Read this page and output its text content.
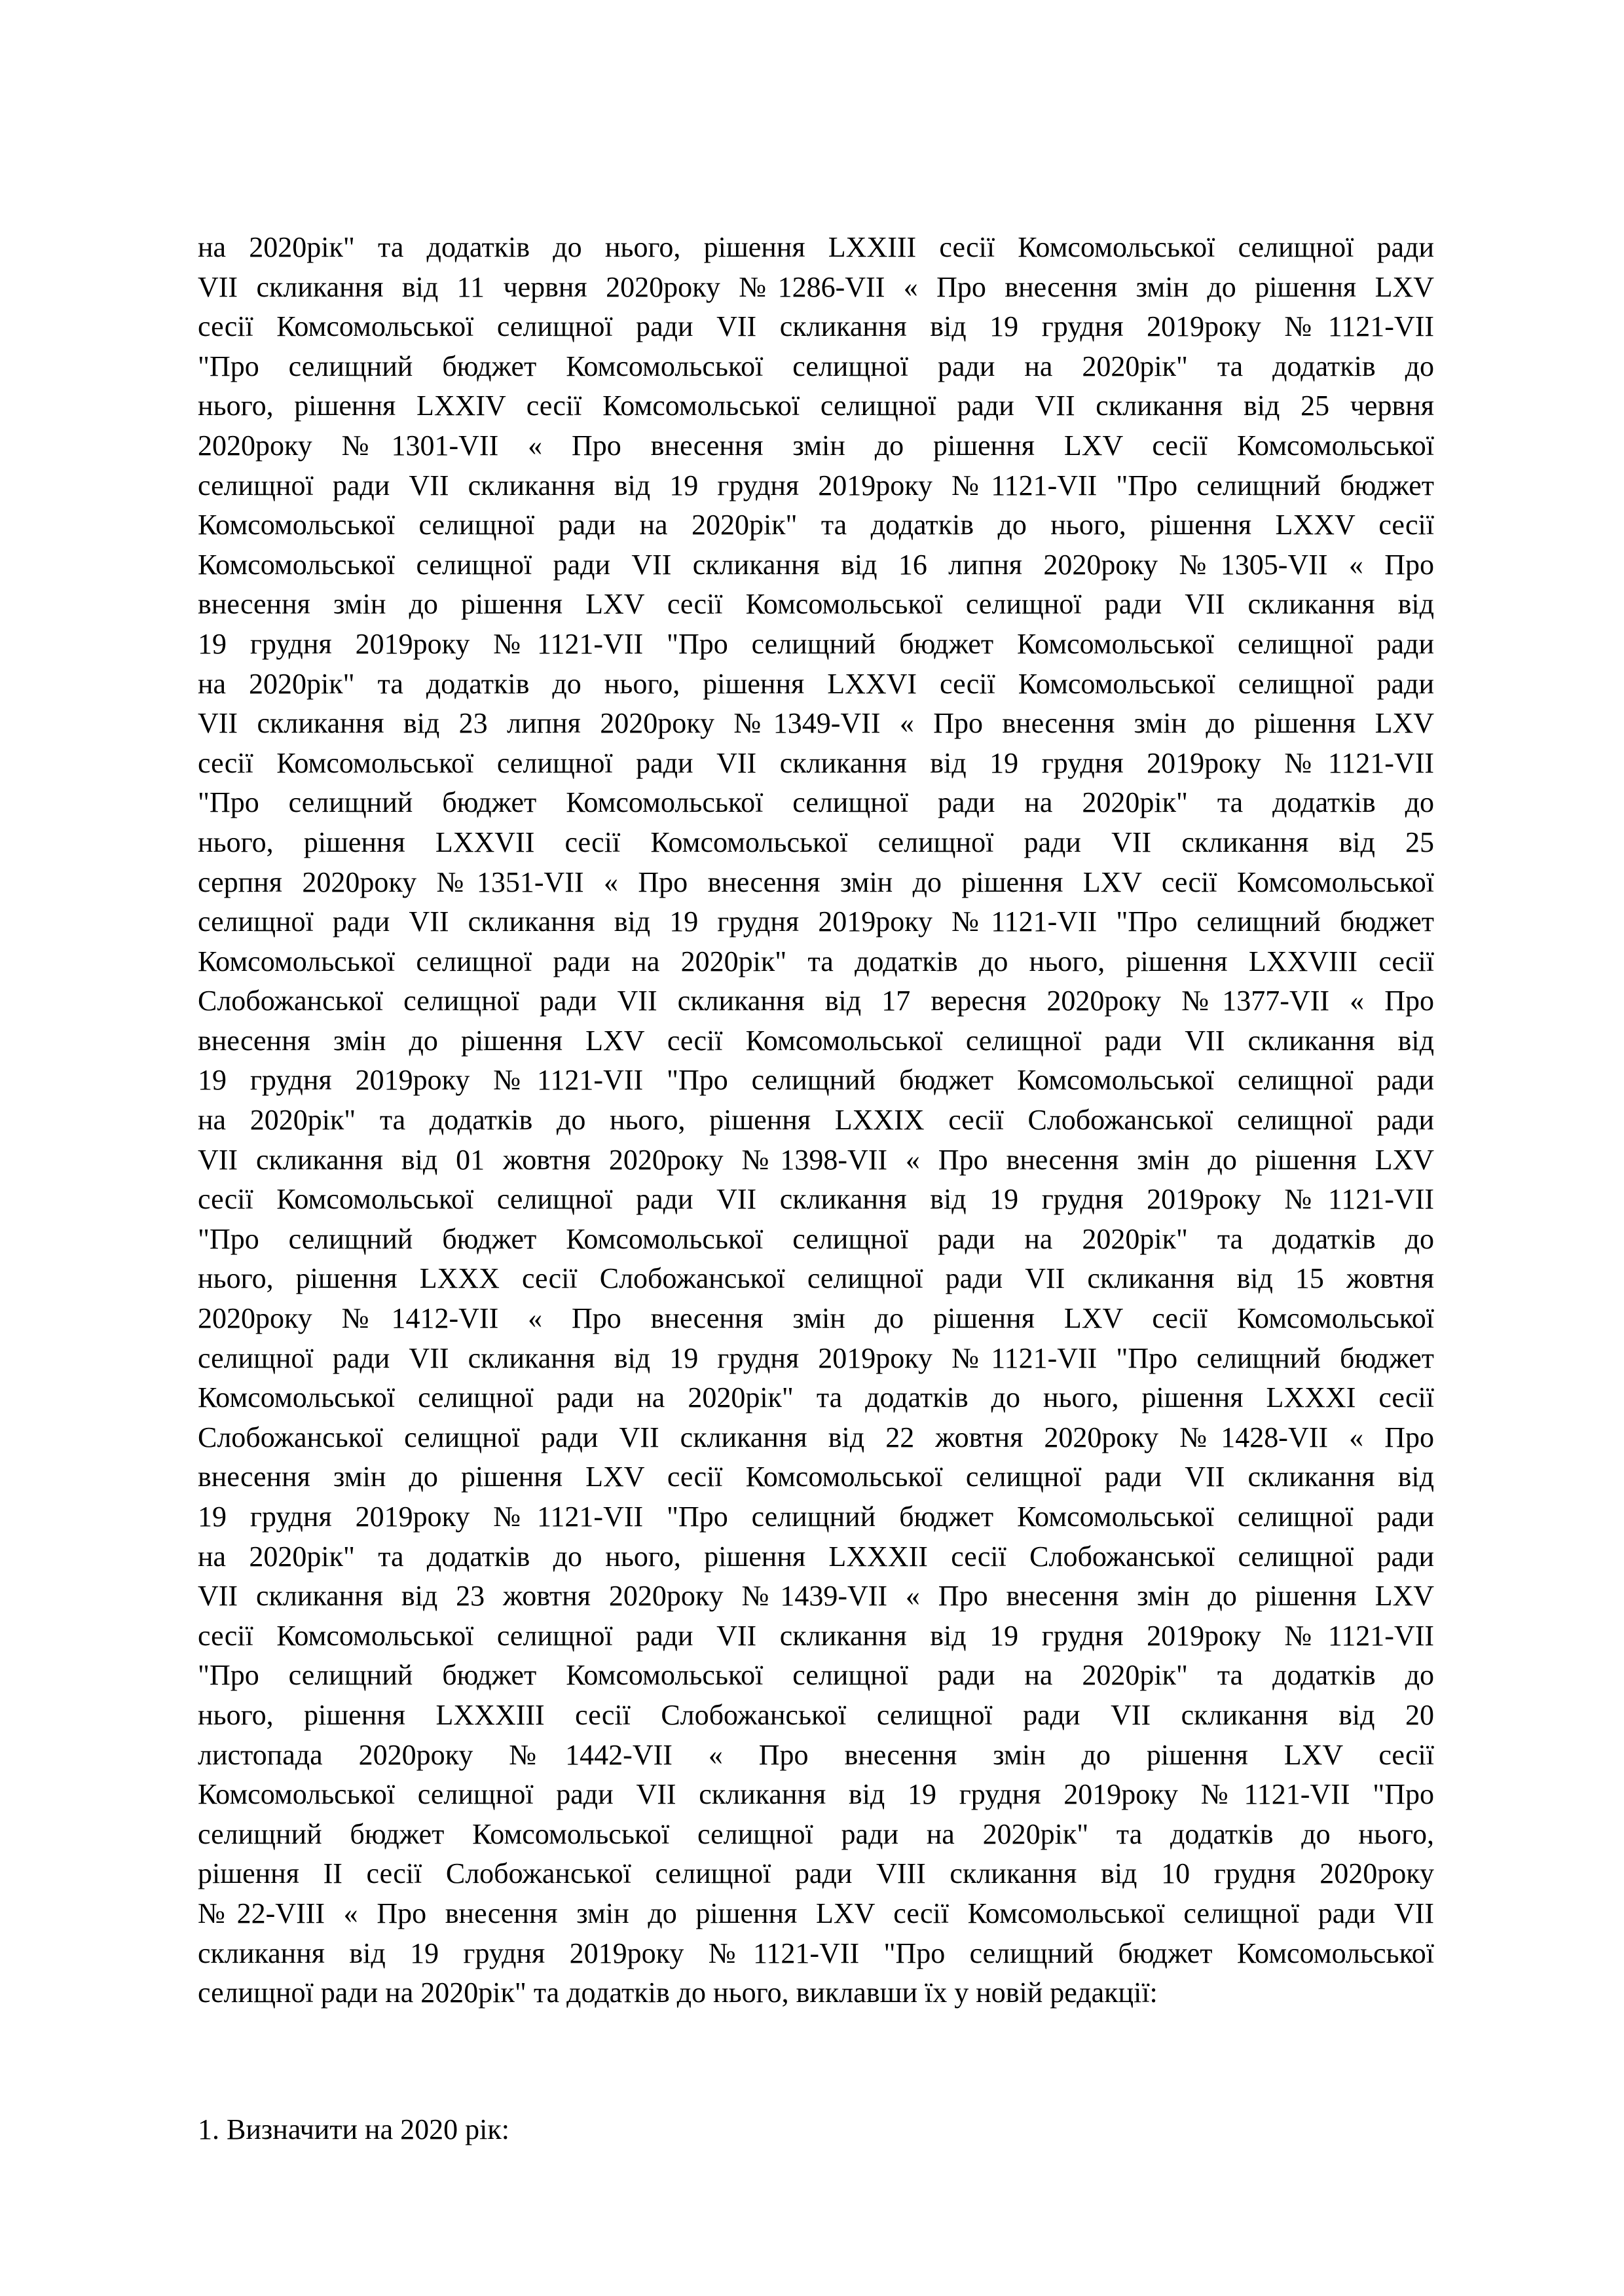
на 2020рік" та додатків до нього, рішення LXXIII сесії Комсомольської селищної ради
VII скликання від 11 червня 2020року №1286-VII « Про внесення змін до рішення LXV
сесії Комсомольської селищної ради VII скликання від 19 грудня 2019року №1121-VII
"Про селищний бюджет Комсомольської селищної ради на 2020рік" та додатків до
нього, рішення LXXIV сесії Комсомольської селищної ради VII скликання від 25 червня
2020року №1301-VII « Про внесення змін до рішення LXV сесії Комсомольської
селищної ради VII скликання від 19 грудня 2019року №1121-VII "Про селищний бюджет
Комсомольської селищної ради на 2020рік" та додатків до нього, рішення LXXV сесії
Комсомольської селищної ради VII скликання від 16 липня 2020року №1305-VII « Про
внесення змін до рішення LXV сесії Комсомольської селищної ради VII скликання від
19 грудня 2019року №1121-VII "Про селищний бюджет Комсомольської селищної ради
на 2020рік" та додатків до нього, рішення LXXVI сесії Комсомольської селищної ради
VII скликання від 23 липня 2020року №1349-VII « Про внесення змін до рішення LXV
сесії Комсомольської селищної ради VII скликання від 19 грудня 2019року №1121-VII
"Про селищний бюджет Комсомольської селищної ради на 2020рік" та додатків до
нього, рішення LXXVII сесії Комсомольської селищної ради VII скликання від 25
серпня 2020року №1351-VII « Про внесення змін до рішення LXV сесії Комсомольської
селищної ради VII скликання від 19 грудня 2019року №1121-VII "Про селищний бюджет
Комсомольської селищної ради на 2020рік" та додатків до нього, рішення LXXVIII сесії
Слобожанської селищної ради VII скликання від 17 вересня 2020року №1377-VII « Про
внесення змін до рішення LXV сесії Комсомольської селищної ради VII скликання від
19 грудня 2019року №1121-VII "Про селищний бюджет Комсомольської селищної ради
на 2020рік" та додатків до нього, рішення LXXIX сесії Слобожанської селищної ради
VII скликання від 01 жовтня 2020року №1398-VII « Про внесення змін до рішення LXV
сесії Комсомольської селищної ради VII скликання від 19 грудня 2019року №1121-VII
"Про селищний бюджет Комсомольської селищної ради на 2020рік" та додатків до
нього, рішення LXXX сесії Слобожанської селищної ради VII скликання від 15 жовтня
2020року №1412-VII « Про внесення змін до рішення LXV сесії Комсомольської
селищної ради VII скликання від 19 грудня 2019року №1121-VII "Про селищний бюджет
Комсомольської селищної ради на 2020рік" та додатків до нього, рішення LXXXI сесії
Слобожанської селищної ради VII скликання від 22 жовтня 2020року №1428-VII « Про
внесення змін до рішення LXV сесії Комсомольської селищної ради VII скликання від
19 грудня 2019року №1121-VII "Про селищний бюджет Комсомольської селищної ради
на 2020рік" та додатків до нього, рішення LXXXII сесії Слобожанської селищної ради
VII скликання від 23 жовтня 2020року №1439-VII « Про внесення змін до рішення LXV
сесії Комсомольської селищної ради VII скликання від 19 грудня 2019року №1121-VII
"Про селищний бюджет Комсомольської селищної ради на 2020рік" та додатків до
нього, рішення LXXXIII сесії Слобожанської селищної ради VII скликання від 20
листопада 2020року №1442-VII « Про внесення змін до рішення LXV сесії
Комсомольської селищної ради VII скликання від 19 грудня 2019року №1121-VII "Про
селищний бюджет Комсомольської селищної ради на 2020рік" та додатків до нього,
рішення II сесії Слобожанської селищної ради VIII скликання від 10 грудня 2020року
№22-VIII « Про внесення змін до рішення LXV сесії Комсомольської селищної ради VII
скликання від 19 грудня 2019року №1121-VII "Про селищний бюджет Комсомольської
селищної ради на 2020рік" та додатків до нього, виклавши їх у новій редакції:
1. Визначити на 2020 рік:
